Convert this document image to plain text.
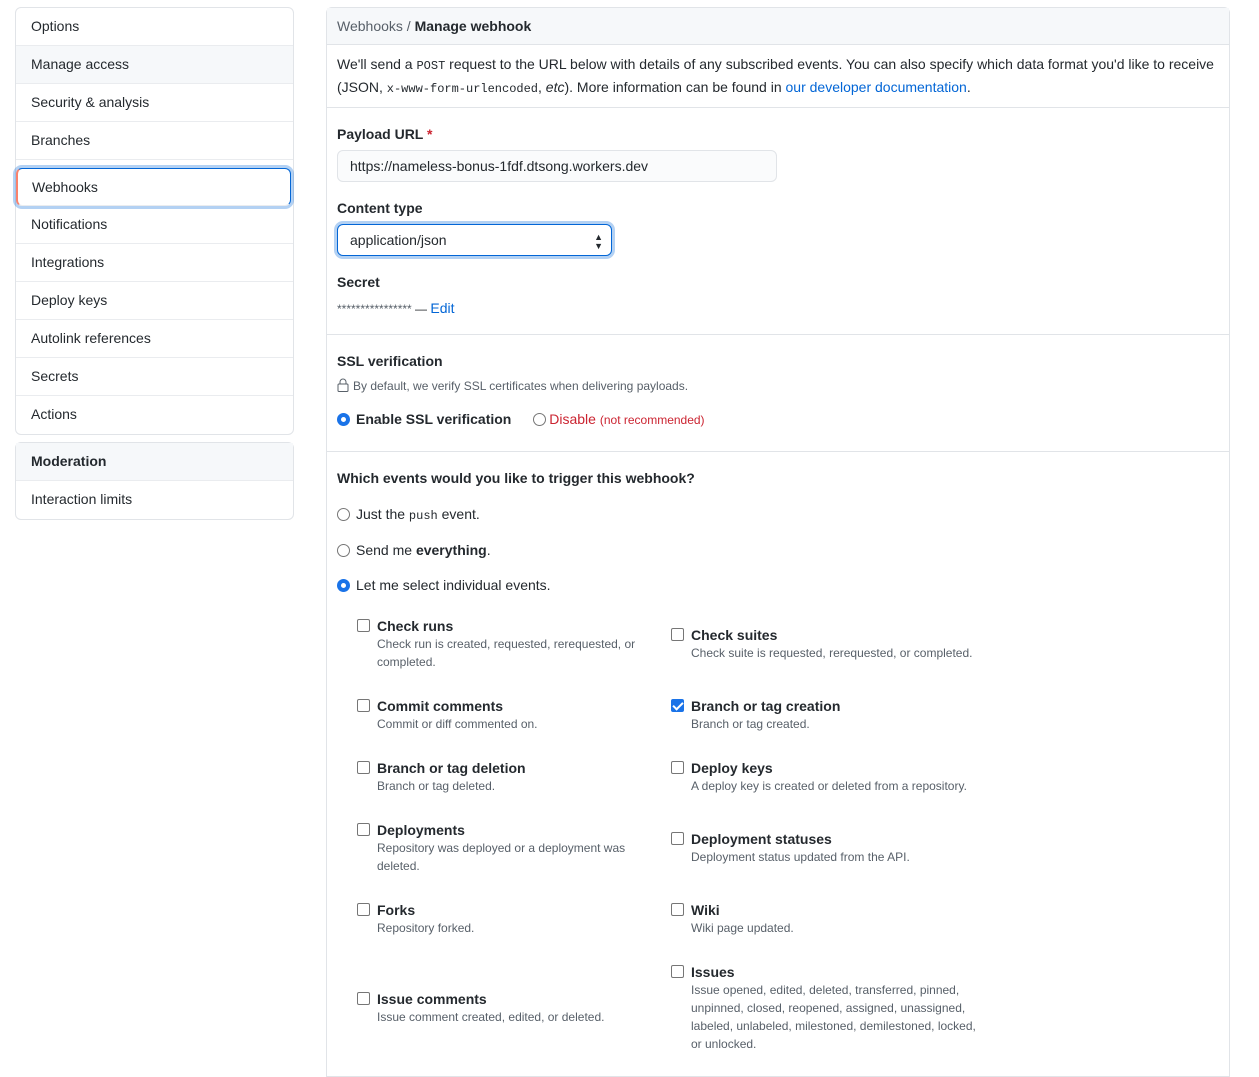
Options
Manage access
Security & analysis
Branches
Webhooks
Notifications
Integrations
Deploy keys
Autolink references
Secrets
Actions
Moderation
Interaction limits
Webhooks / Manage webhook
We'll send a POST request to the URL below with details of any subscribed events. You can also specify which data format you'd like to receive (JSON, x-www-form-urlencoded, etc). More information can be found in our developer documentation.
Payload URL *
https://nameless-bonus-1fdf.dtsong.workers.dev
Content type
application/json	▲
▼
Secret
**************** — Edit
SSL verification
By default, we verify SSL certificates when delivering payloads.
Enable SSL verification	Disable (not recommended)
Which events would you like to trigger this webhook?
Just the push event.
Send me everything.
Let me select individual events.
Check runs
Check run is created, requested, rerequested, or completed.
Check suites
Check suite is requested, rerequested, or completed.
Commit comments
Commit or diff commented on.
Branch or tag creation
Branch or tag created.
Branch or tag deletion
Branch or tag deleted.
Deploy keys
A deploy key is created or deleted from a repository.
Deployments
Repository was deployed or a deployment was deleted.
Deployment statuses
Deployment status updated from the API.
Forks
Repository forked.
Wiki
Wiki page updated.
Issue comments
Issue comment created, edited, or deleted.
Issues
Issue opened, edited, deleted, transferred, pinned, unpinned, closed, reopened, assigned, unassigned, labeled, unlabeled, milestoned, demilestoned, locked, or unlocked.
